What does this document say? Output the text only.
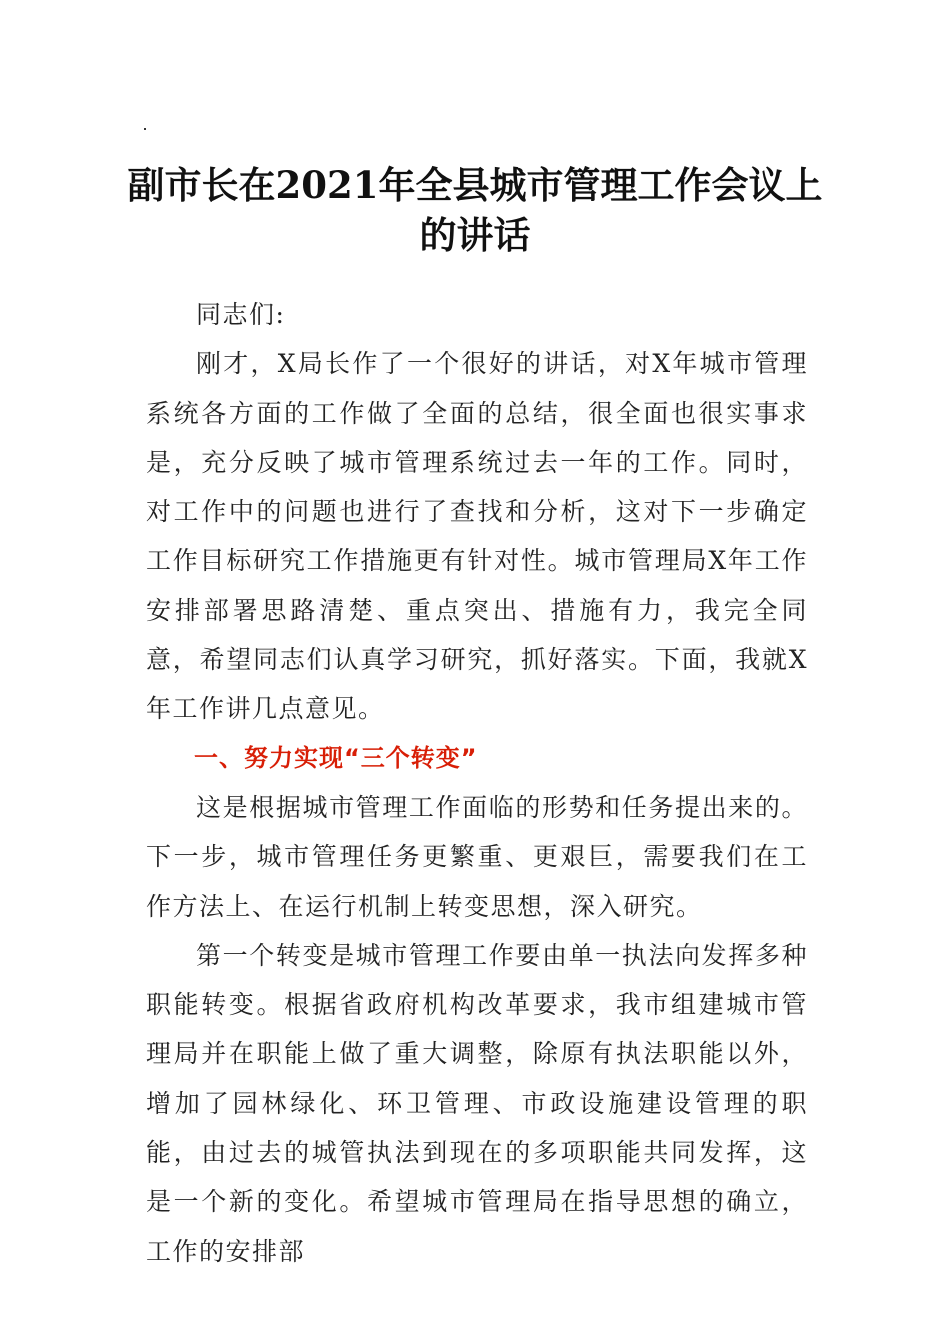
副市长在2021年全县城市管理工作会议上
的讲话

同志们:

刚才，X局长作了一个很好的讲话，对X年城市管理系统各方面的工作做了全面的总结，很全面也很实事求是，充分反映了城市管理系统过去一年的工作。同时，对工作中的问题也进行了查找和分析，这对下一步确定工作目标研究工作措施更有针对性。城市管理局X年工作安排部署思路清楚、重点突出、措施有力，我完全同意，希望同志们认真学习研究，抓好落实。下面，我就X年工作讲几点意见。

一、努力实现“三个转变”

这是根据城市管理工作面临的形势和任务提出来的。下一步，城市管理任务更繁重、更艰巨，需要我们在工作方法上、在运行机制上转变思想，深入研究。

第一个转变是城市管理工作要由单一执法向发挥多种职能转变。根据省政府机构改革要求，我市组建城市管理局并在职能上做了重大调整，除原有执法职能以外，增加了园林绿化、环卫管理、市政设施建设管理的职能，由过去的城管执法到现在的多项职能共同发挥，这是一个新的变化。希望城市管理局在指导思想的确立，工作的安排部
